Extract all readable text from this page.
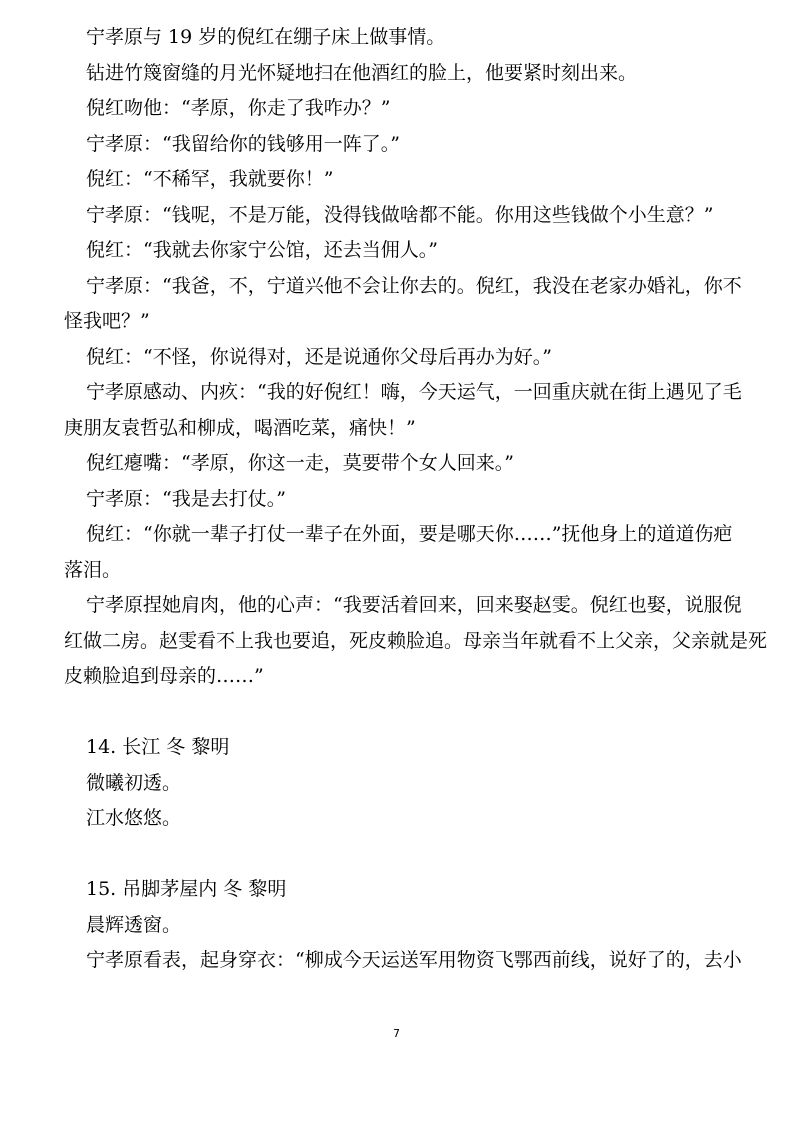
宁孝原与 19 岁的倪红在绷子床上做事情。
钻进竹篾窗缝的月光怀疑地扫在他酒红的脸上，他要紧时刻出来。
倪红吻他：“孝原，你走了我咋办？”
宁孝原：“我留给你的钱够用一阵了。”
倪红：“不稀罕，我就要你！”
宁孝原：“钱呢，不是万能，没得钱做啥都不能。你用这些钱做个小生意？”
倪红：“我就去你家宁公馆，还去当佣人。”
宁孝原：“我爸，不，宁道兴他不会让你去的。倪红，我没在老家办婚礼，你不
怪我吧？”
倪红：“不怪，你说得对，还是说通你父母后再办为好。”
宁孝原感动、内疚：“我的好倪红！嗨，今天运气，一回重庆就在街上遇见了毛
庚朋友袁哲弘和柳成，喝酒吃菜，痛快！”
倪红瘪嘴：“孝原，你这一走，莫要带个女人回来。”
宁孝原：“我是去打仗。”
倪红：“你就一辈子打仗一辈子在外面，要是哪天你……”抚他身上的道道伤疤
落泪。
宁孝原捏她肩肉，他的心声：“我要活着回来，回来娶赵雯。倪红也娶，说服倪
红做二房。赵雯看不上我也要追，死皮赖脸追。母亲当年就看不上父亲，父亲就是死
皮赖脸追到母亲的……”
14. 长江 冬 黎明
微曦初透。
江水悠悠。
15. 吊脚茅屋内 冬 黎明
晨辉透窗。
宁孝原看表，起身穿衣：“柳成今天运送军用物资飞鄂西前线，说好了的，去小
7
